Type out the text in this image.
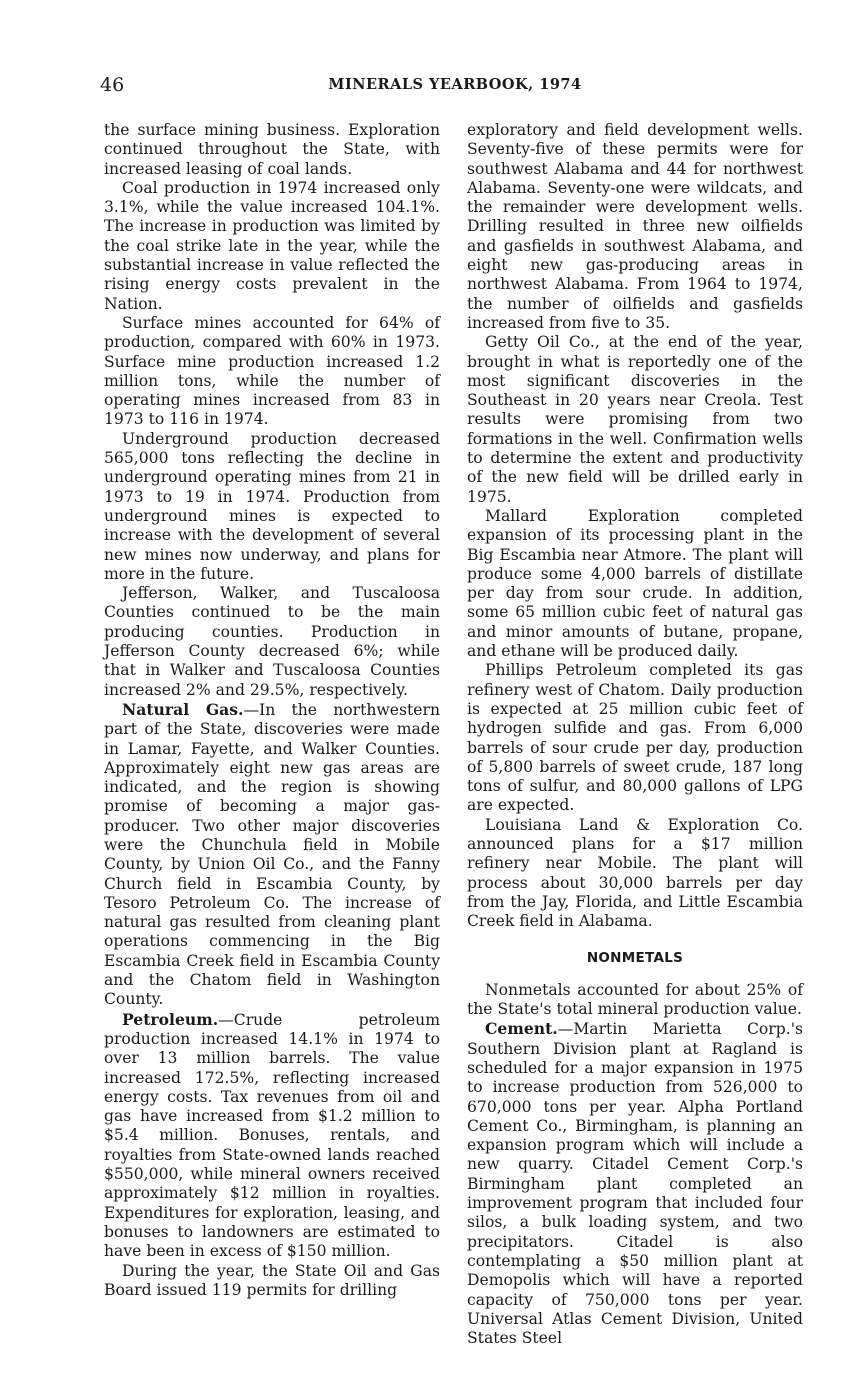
46	MINERALS YEARBOOK, 1974

the surface mining business. Exploration continued throughout the State, with increased leasing of coal lands.

Coal production in 1974 increased only 3.1%, while the value increased 104.1%. The increase in production was limited by the coal strike late in the year, while the substantial increase in value reflected the rising energy costs prevalent in the Nation.

Surface mines accounted for 64% of production, compared with 60% in 1973. Surface mine production increased 1.2 million tons, while the number of operating mines increased from 83 in 1973 to 116 in 1974.

Underground production decreased 565,000 tons reflecting the decline in underground operating mines from 21 in 1973 to 19 in 1974. Production from underground mines is expected to increase with the development of several new mines now underway, and plans for more in the future.

Jefferson, Walker, and Tuscaloosa Counties continued to be the main producing counties. Production in Jefferson County decreased 6%; while that in Walker and Tuscaloosa Counties increased 2% and 29.5%, respectively.

Natural Gas.—In the northwestern part of the State, discoveries were made in Lamar, Fayette, and Walker Counties. Approximately eight new gas areas are indicated, and the region is showing promise of becoming a major gas-producer. Two other major discoveries were the Chunchula field in Mobile County, by Union Oil Co., and the Fanny Church field in Escambia County, by Tesoro Petroleum Co. The increase of natural gas resulted from cleaning plant operations commencing in the Big Escambia Creek field in Escambia County and the Chatom field in Washington County.

Petroleum.—Crude petroleum production increased 14.1% in 1974 to over 13 million barrels. The value increased 172.5%, reflecting increased energy costs. Tax revenues from oil and gas have increased from $1.2 million to $5.4 million. Bonuses, rentals, and royalties from State-owned lands reached $550,000, while mineral owners received approximately $12 million in royalties. Expenditures for exploration, leasing, and bonuses to landowners are estimated to have been in excess of $150 million.

During the year, the State Oil and Gas Board issued 119 permits for drilling

exploratory and field development wells. Seventy-five of these permits were for southwest Alabama and 44 for northwest Alabama. Seventy-one were wildcats, and the remainder were development wells. Drilling resulted in three new oilfields and gasfields in southwest Alabama, and eight new gas-producing areas in northwest Alabama. From 1964 to 1974, the number of oilfields and gasfields increased from five to 35.

Getty Oil Co., at the end of the year, brought in what is reportedly one of the most significant discoveries in the Southeast in 20 years near Creola. Test results were promising from two formations in the well. Confirmation wells to determine the extent and productivity of the new field will be drilled early in 1975.

Mallard Exploration completed expansion of its processing plant in the Big Escambia near Atmore. The plant will produce some 4,000 barrels of distillate per day from sour crude. In addition, some 65 million cubic feet of natural gas and minor amounts of butane, propane, and ethane will be produced daily.

Phillips Petroleum completed its gas refinery west of Chatom. Daily production is expected at 25 million cubic feet of hydrogen sulfide and gas. From 6,000 barrels of sour crude per day, production of 5,800 barrels of sweet crude, 187 long tons of sulfur, and 80,000 gallons of LPG are expected.

Louisiana Land & Exploration Co. announced plans for a $17 million refinery near Mobile. The plant will process about 30,000 barrels per day from the Jay, Florida, and Little Escambia Creek field in Alabama.

NONMETALS

Nonmetals accounted for about 25% of the State's total mineral production value.

Cement.—Martin Marietta Corp.'s Southern Division plant at Ragland is scheduled for a major expansion in 1975 to increase production from 526,000 to 670,000 tons per year. Alpha Portland Cement Co., Birmingham, is planning an expansion program which will include a new quarry. Citadel Cement Corp.'s Birmingham plant completed an improvement program that included four silos, a bulk loading system, and two precipitators. Citadel is also contemplating a $50 million plant at Demopolis which will have a reported capacity of 750,000 tons per year. Universal Atlas Cement Division, United States Steel
